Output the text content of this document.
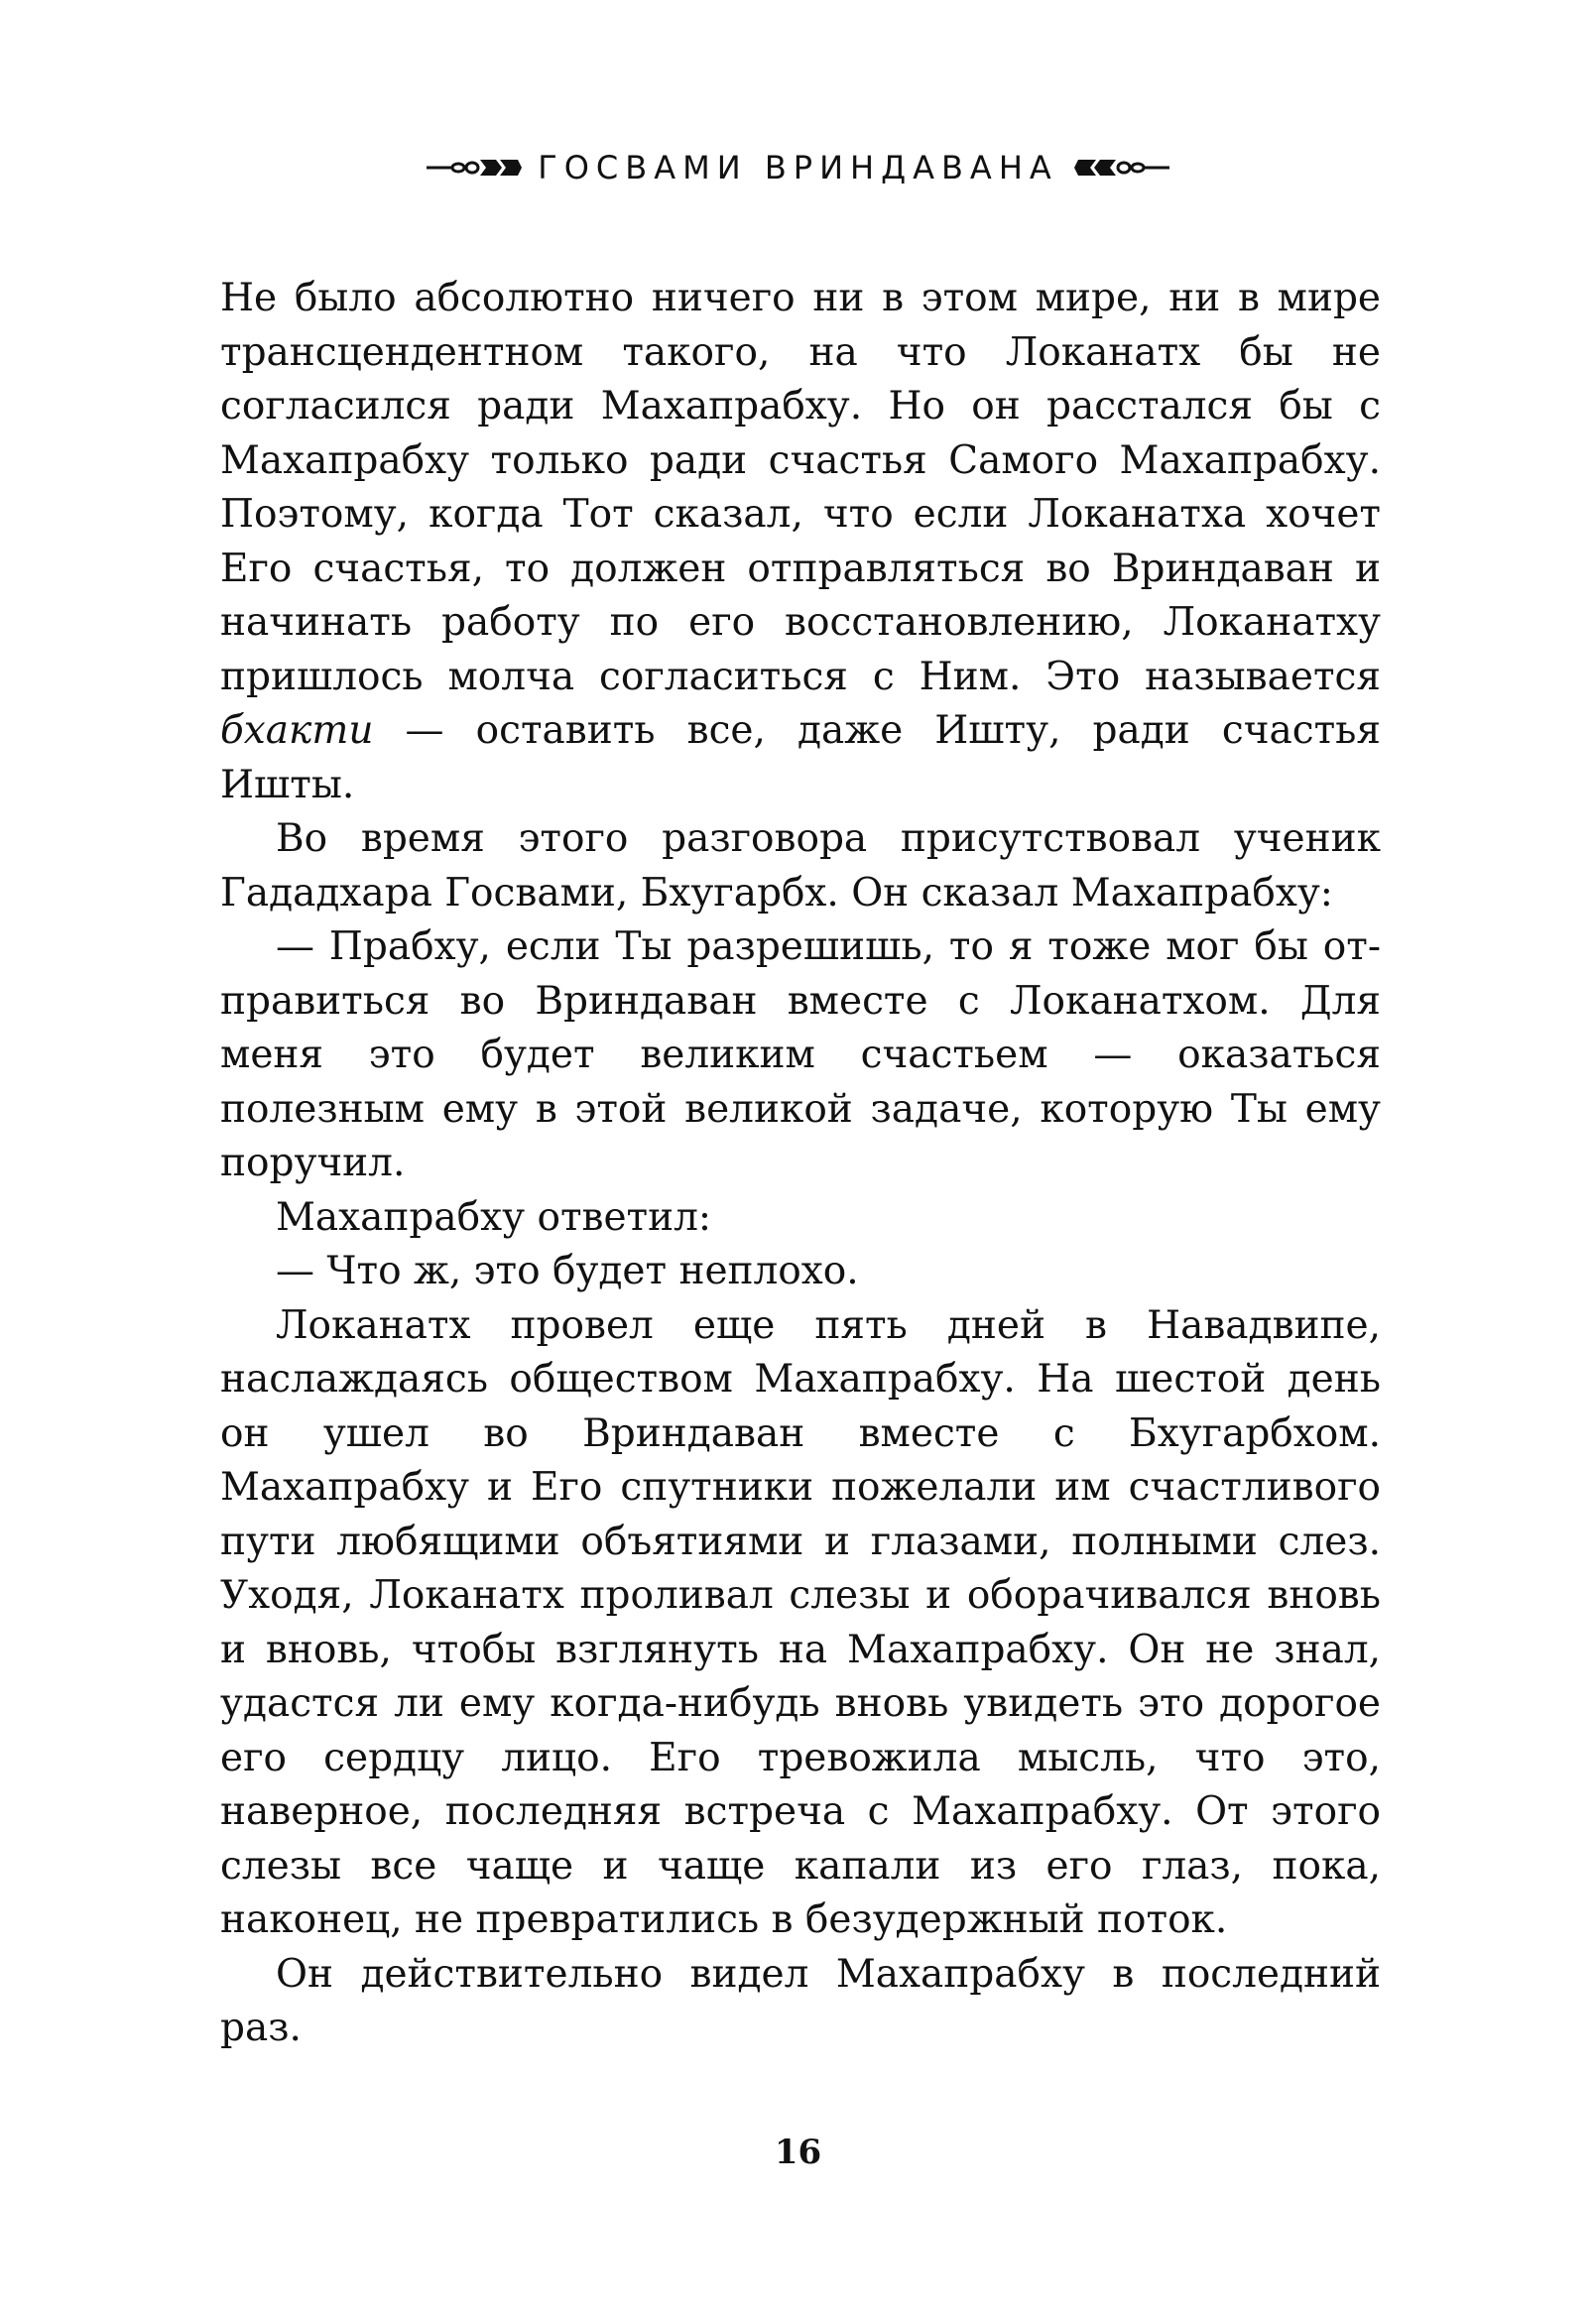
ГОСВАМИ ВРИНДАВАНА

Не было абсолютно ничего ни в этом мире, ни в мире трансцендентном такого, на что Локанатх бы не согласился ради Махапрабху. Но он расстался бы с Махапрабху только ради счастья Самого Махапрабху. Поэтому, когда Тот сказал, что если Локанатха хочет Его счастья, то должен отправляться во Вриндаван и начинать работу по его восстановлению, Локанатху пришлось молча согласиться с Ним. Это называется бхакти — оставить все, даже Ишту, ради счастья Ишты.

Во время этого разговора присутствовал ученик Гададхара Госвами, Бхугарбх. Он сказал Махапрабху:

— Прабху, если Ты разрешишь, то я тоже мог бы отправиться во Вриндаван вместе с Локанатхом. Для меня это будет великим счастьем — оказаться полезным ему в этой великой задаче, которую Ты ему поручил.

Махапрабху ответил:

— Что ж, это будет неплохо.

Локанатх провел еще пять дней в Навадвипе, наслаждаясь обществом Махапрабху. На шестой день он ушел во Вриндаван вместе с Бхугарбхом. Махапрабху и Его спутники пожелали им счастливого пути любящими объятиями и глазами, полными слез. Уходя, Локанатх проливал слезы и оборачивался вновь и вновь, чтобы взглянуть на Махапрабху. Он не знал, удастся ли ему когда-нибудь вновь увидеть это дорогое его сердцу лицо. Его тревожила мысль, что это, наверное, последняя встреча с Махапрабху. От этого слезы все чаще и чаще капали из его глаз, пока, наконец, не превратились в безудержный поток.

Он действительно видел Махапрабху в последний раз.

16
